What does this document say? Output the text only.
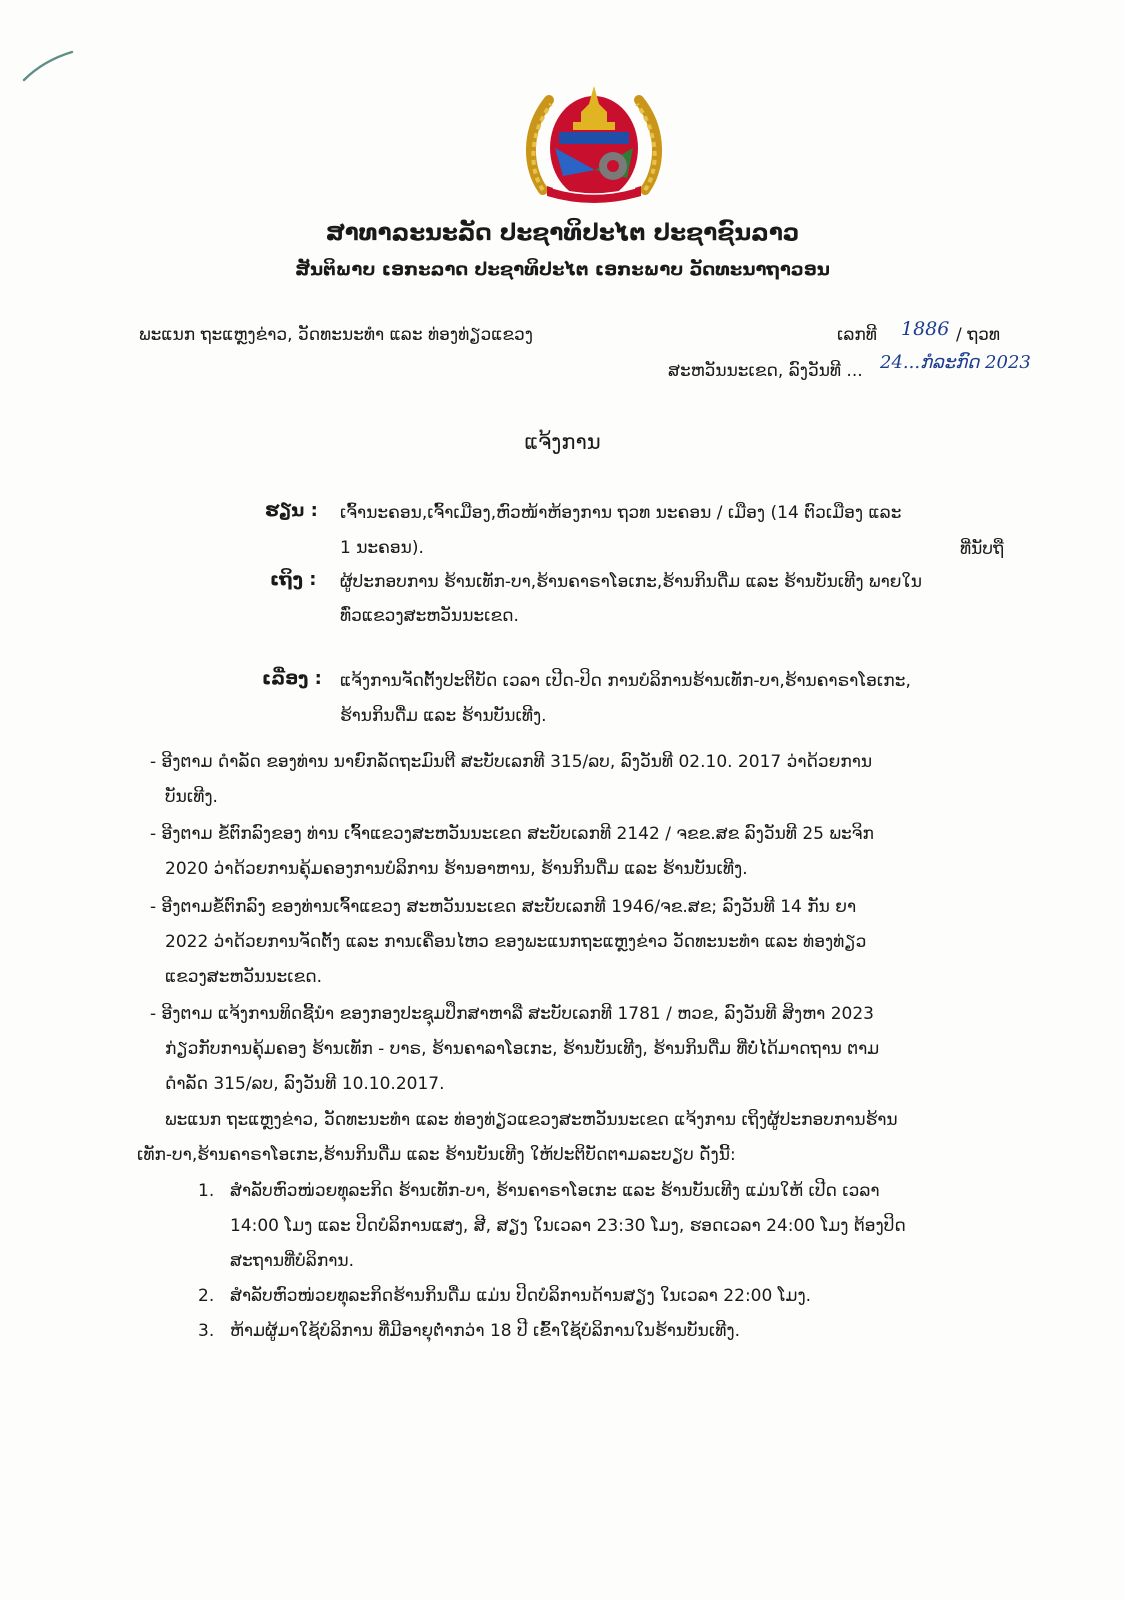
ສາທາລະນະລັດ ປະຊາທິປະໄຕ ປະຊາຊົນລາວ
ສັນຕິພາບ ເອກະລາດ ປະຊາທິປະໄຕ ເອກະພາບ ວັດທະນາຖາວອນ
ພະແນກ ຖະແຫຼງຂ່າວ, ວັດທະນະທຳ ແລະ ທ່ອງທ່ຽວແຂວງ	ເລກທີ 1886 / ຖວທ
ສະຫວັນນະເຂດ, ລົງວັນທີ ... 24...ກໍລະກົດ 2023
ແຈ້ງການ
ຮຽນ : ເຈົ້ານະຄອນ,ເຈົ້າເມືອງ,ຫົວໜ້າຫ້ອງການ ຖວທ ນະຄອນ / ເມືອງ (14 ຕົວເມືອງ ແລະ
1 ນະຄອນ).	ທີ່ນັບຖື
ເຖິງ : ຜູ້ປະກອບການ ຮ້ານເທັກ-ບາ,ຮ້ານຄາຣາໂອເກະ,ຮ້ານກິນດື່ມ ແລະ ຮ້ານບັນເທີງ ພາຍໃນ
ທົ່ວແຂວງສະຫວັນນະເຂດ.
ເລື່ອງ : ແຈ້ງການຈັດຕັ້ງປະຕິບັດ ເວລາ ເປີດ-ປິດ ການບໍລິການຮ້ານເທັກ-ບາ,ຮ້ານຄາຣາໂອເກະ,
ຮ້ານກິນດື່ມ ແລະ ຮ້ານບັນເທີງ.
- ອີງຕາມ ດຳລັດ ຂອງທ່ານ ນາຍົກລັດຖະມົນຕີ ສະບັບເລກທີ 315/ລບ, ລົງວັນທີ 02.10. 2017 ວ່າດ້ວຍການ
ບັນເທີງ.
- ອີງຕາມ ຂໍ້ຕົກລົງຂອງ ທ່ານ ເຈົ້າແຂວງສະຫວັນນະເຂດ ສະບັບເລກທີ 2142 / ຈຂຂ.ສຂ ລົງວັນທີ 25 ພະຈິກ
2020 ວ່າດ້ວຍການຄຸ້ມຄອງການບໍລິການ ຮ້ານອາຫານ, ຮ້ານກິນດື່ມ ແລະ ຮ້ານບັນເທີງ.
- ອີງຕາມຂໍ້ຕົກລົງ ຂອງທ່ານເຈົ້າແຂວງ ສະຫວັນນະເຂດ ສະບັບເລກທີ 1946/ຈຂ.ສຂ; ລົງວັນທີ 14 ກັນ ຍາ
2022 ວ່າດ້ວຍການຈັດຕັ້ງ ແລະ ການເຄື່ອນໄຫວ ຂອງພະແນກຖະແຫຼງຂ່າວ ວັດທະນະທຳ ແລະ ທ່ອງທ່ຽວ
ແຂວງສະຫວັນນະເຂດ.
- ອີງຕາມ ແຈ້ງການທິດຊີ້ນຳ ຂອງກອງປະຊຸມປຶກສາຫາລື ສະບັບເລກທີ 1781 / ຫວຂ, ລົງວັນທີ ສິງຫາ 2023
ກ່ຽວກັບການຄຸ້ມຄອງ ຮ້ານເທັກ - ບາຣ, ຮ້ານຄາລາໂອເກະ, ຮ້ານບັນເທີງ, ຮ້ານກິນດື່ມ ທີ່ບໍ່ໄດ້ມາດຖານ ຕາມ
ດຳລັດ 315/ລບ, ລົງວັນທີ 10.10.2017.
ພະແນກ ຖະແຫຼງຂ່າວ, ວັດທະນະທຳ ແລະ ທ່ອງທ່ຽວແຂວງສະຫວັນນະເຂດ ແຈ້ງການ ເຖິງຜູ້ປະກອບການຮ້ານ
ເທັກ-ບາ,ຮ້ານຄາຣາໂອເກະ,ຮ້ານກິນດື່ມ ແລະ ຮ້ານບັນເທີງ ໃຫ້ປະຕິບັດຕາມລະບຽບ ດັ່ງນີ້:
1. ສຳລັບຫົວໜ່ວຍທຸລະກິດ ຮ້ານເທັກ-ບາ, ຮ້ານຄາຣາໂອເກະ ແລະ ຮ້ານບັນເທີງ ແມ່ນໃຫ້ ເປີດ ເວລາ
14:00 ໂມງ ແລະ ປິດບໍລິການແສງ, ສີ, ສຽງ ໃນເວລາ 23:30 ໂມງ, ຮອດເວລາ 24:00 ໂມງ ຕ້ອງປິດ
ສະຖານທີ່ບໍລິການ.
2. ສຳລັບຫົວໜ່ວຍທຸລະກິດຮ້ານກິນດື່ມ ແມ່ນ ປິດບໍລິການດ້ານສຽງ ໃນເວລາ 22:00 ໂມງ.
3. ຫ້າມຜູ້ມາໃຊ້ບໍລິການ ທີ່ມີອາຍຸຕໍ່າກວ່າ 18 ປີ ເຂົ້າໃຊ້ບໍລິການໃນຮ້ານບັນເທີງ.
